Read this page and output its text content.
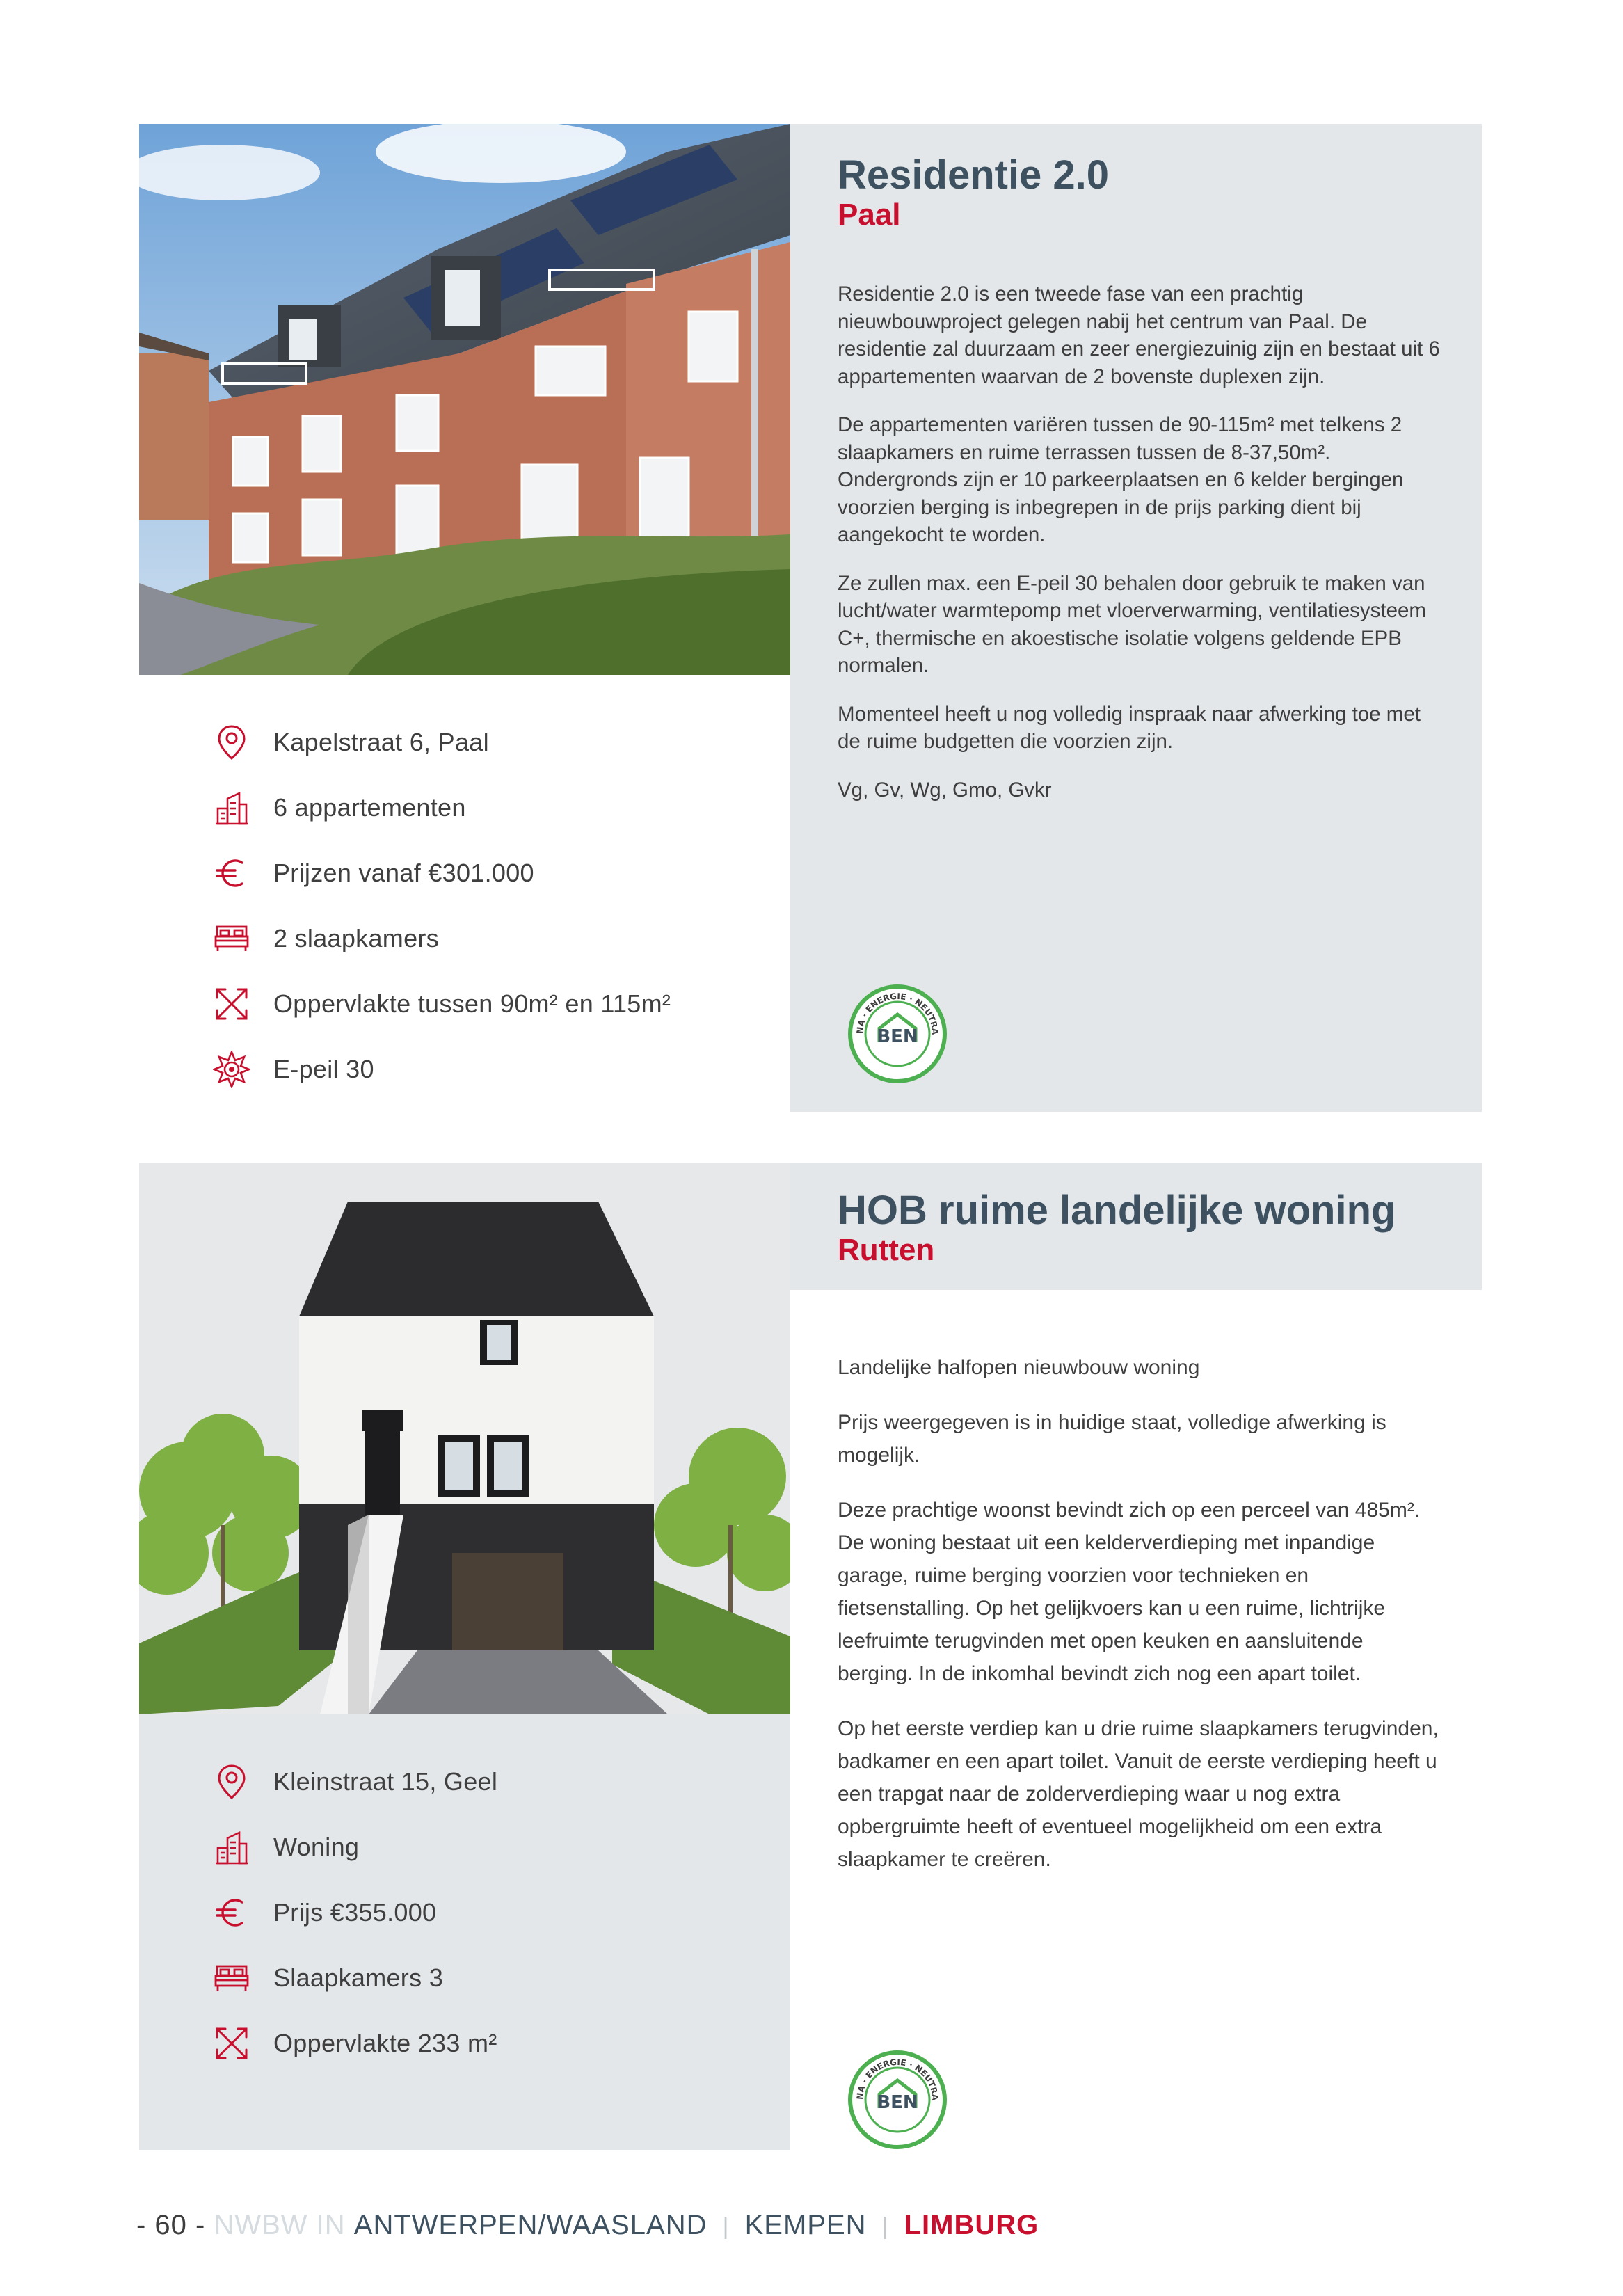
Kapelstraat 6, Paal
6 appartementen
Prijzen vanaf €301.000
2 slaapkamers
Oppervlakte tussen 90m² en 115m²
E-peil 30
Residentie 2.0
Paal

Residentie 2.0 is een tweede fase van een prachtig nieuwbouwproject gelegen nabij het centrum van Paal. De residentie zal duurzaam en zeer energiezuinig zijn en bestaat uit 6 appartementen waarvan de 2 bovenste duplexen zijn.

De appartementen variëren tussen de 90-115m² met telkens 2 slaapkamers en ruime terrassen tussen de 8-37,50m². Ondergronds zijn er 10 parkeerplaatsen en 6 kelder bergingen voorzien berging is inbegrepen in de prijs parking dient bij aangekocht te worden.

Ze zullen max. een E-peil 30 behalen door gebruik te maken van lucht/water warmtepomp met vloerverwarming, ventilatiesysteem C+, thermische en akoestische isolatie volgens geldende EPB normalen.

Momenteel heeft u nog volledig inspraak naar afwerking toe met de ruime budgetten die voorzien zijn.

Vg, Gv, Wg, Gmo, Gvkr

NA · ENERGIE · NEUTRA
BEN
Kleinstraat 15, Geel
Woning
Prijs €355.000
Slaapkamers 3
Oppervlakte 233 m²
HOB ruime landelijke woning
Rutten

Landelijke halfopen nieuwbouw woning

Prijs weergegeven is in huidige staat, volledige afwerking is mogelijk.

Deze prachtige woonst bevindt zich op een perceel van 485m². De woning bestaat uit een kelderverdieping met inpandige garage, ruime berging voorzien voor technieken en fietsenstalling. Op het gelijkvoers kan u een ruime, lichtrijke leefruimte terugvinden met open keuken en aansluitende berging. In de inkomhal bevindt zich nog een apart toilet.

Op het eerste verdiep kan u drie ruime slaapkamers terugvinden, badkamer en een apart toilet. Vanuit de eerste verdieping heeft u een trapgat naar de zolderverdieping waar u nog extra opbergruimte heeft of eventueel mogelijkheid om een extra slaapkamer te creëren.

NA · ENERGIE · NEUTRA
BEN
- 60 - NWBW IN ANTWERPEN/WAASLAND | KEMPEN | LIMBURG
